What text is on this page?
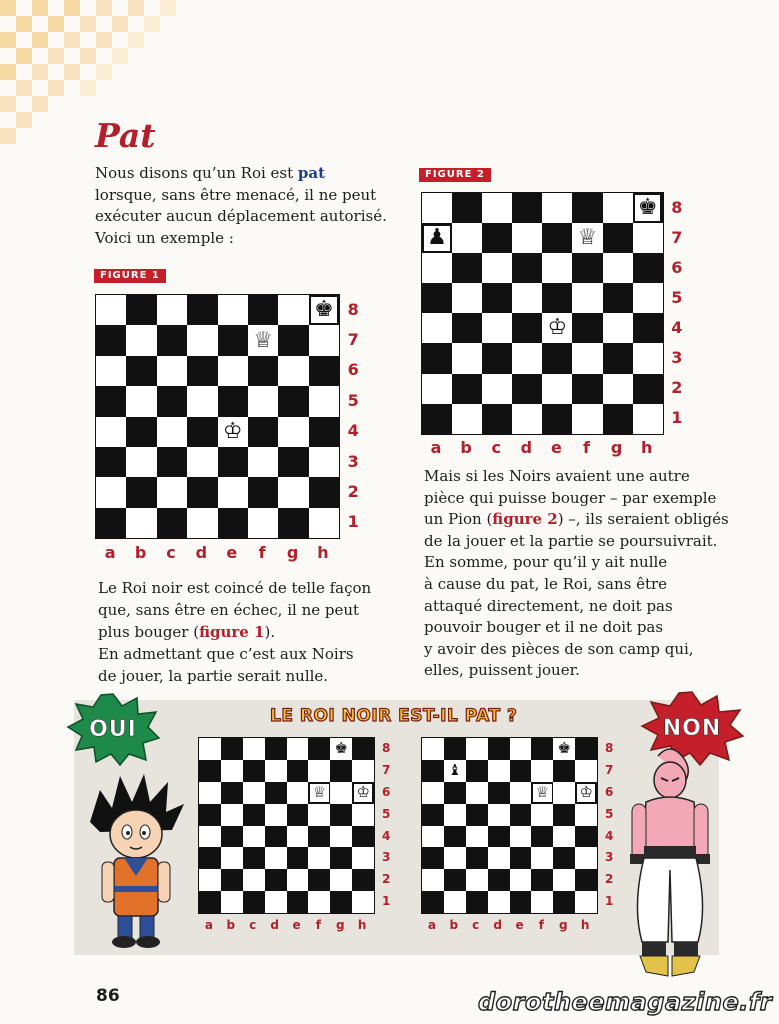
Pat

Nous disons qu’un Roi est pat
lorsque, sans être menacé, il ne peut
exécuter aucun déplacement autorisé.
Voici un exemple :

FIGURE 1
FIGURE 2
♚
♕
♔
8
7
6
5
4
3
2
1
a	b	c	d	e	f	g	h
♚
♟	♕
♔
8
7
6
5
4
3
2
1
a	b	c	d	e	f	g	h
♚
♕ ♔
8
7
6
5
4
3
2
1
a	b	c	d	e	f	g	h
♚
♝
♕ ♔
8
7
6
5
4
3
2
1
a	b	c	d	e	f	g	h

Le Roi noir est coincé de telle façon
que, sans être en échec, il ne peut
plus bouger (figure 1).
En admettant que c’est aux Noirs
de jouer, la partie serait nulle.

Mais si les Noirs avaient une autre
pièce qui puisse bouger – par exemple
un Pion (figure 2) –, ils seraient obligés
de la jouer et la partie se poursuivrait.
En somme, pour qu’il y ait nulle
à cause du pat, le Roi, sans être
attaqué directement, ne doit pas
pouvoir bouger et il ne doit pas
y avoir des pièces de son camp qui,
elles, puissent jouer.

LE ROI NOIR EST-IL PAT ?
OUI	NON

86	dorotheemagazine.fr
